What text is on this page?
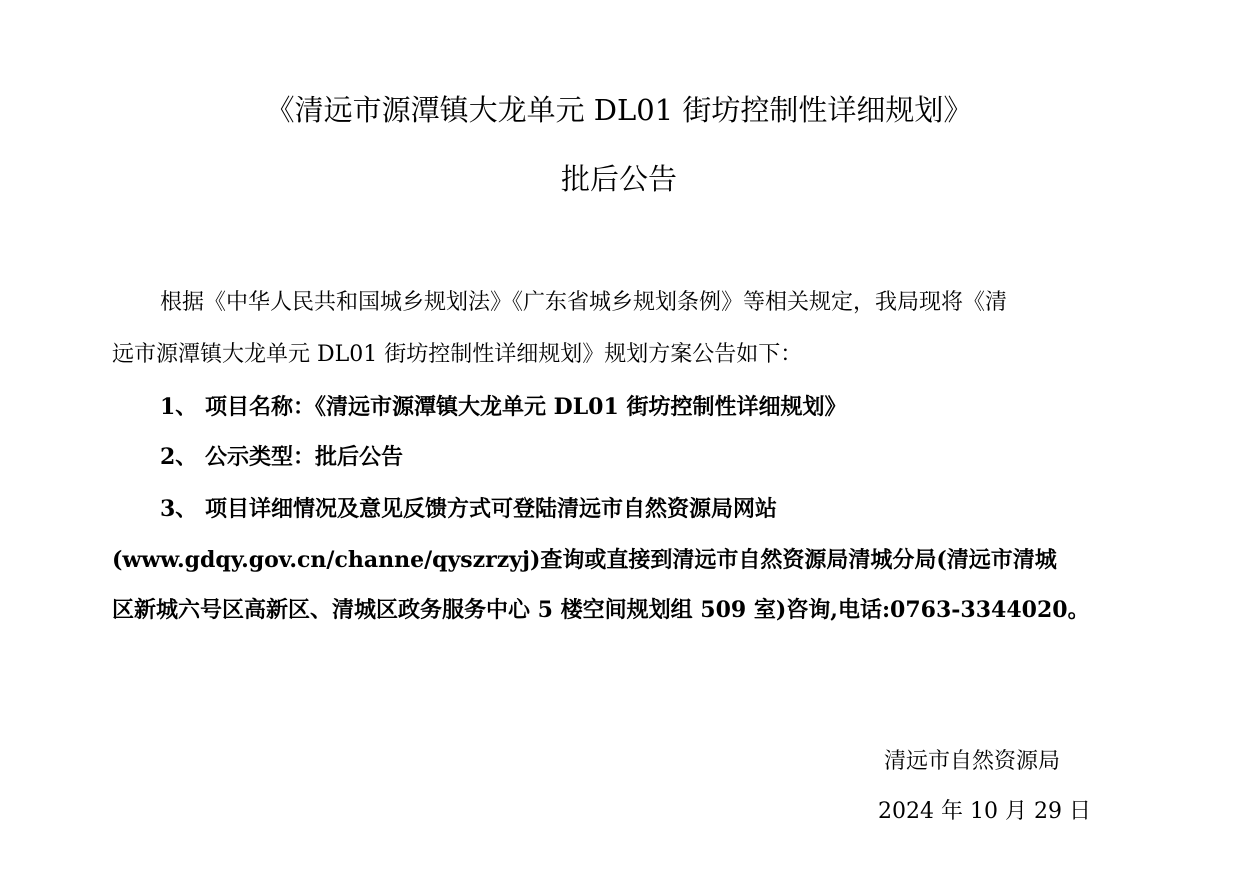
《清远市源潭镇大龙单元 DL01 街坊控制性详细规划》
批后公告
根据《中华人民共和国城乡规划法》《广东省城乡规划条例》等相关规定，我局现将《清
远市源潭镇大龙单元 DL01 街坊控制性详细规划》规划方案公告如下：
1、 项目名称：《清远市源潭镇大龙单元 DL01 街坊控制性详细规划》
2、 公示类型：批后公告
3、 项目详细情况及意见反馈方式可登陆清远市自然资源局网站
(www.gdqy.gov.cn/channe/qyszrzyj)查询或直接到清远市自然资源局清城分局(清远市清城
区新城六号区高新区、清城区政务服务中心 5 楼空间规划组 509 室)咨询,电话:0763-3344020。
清远市自然资源局
2024 年 10 月 29 日
